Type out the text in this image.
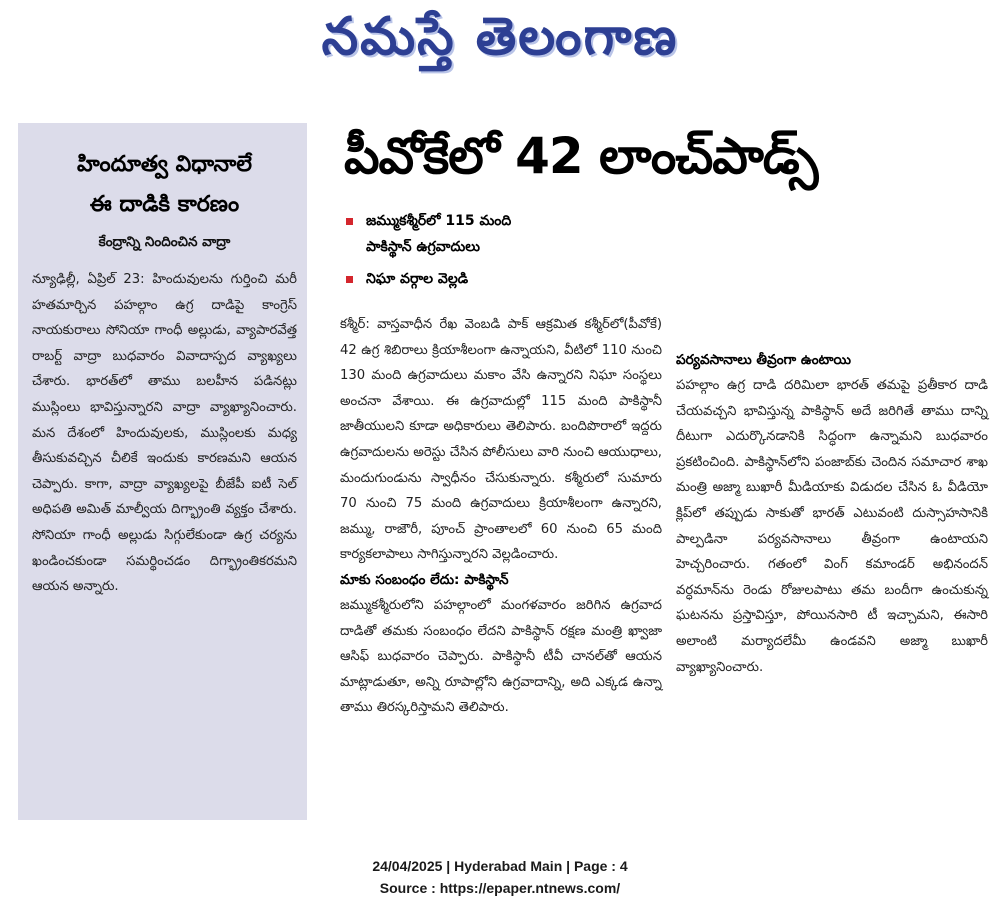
నమస్తే తెలంగాణ
హిందూత్వ విధానాలే
ఈ దాడికి కారణం
కేంద్రాన్ని నిందించిన వాద్రా
న్యూఢిల్లీ, ఏప్రిల్ 23: హిందువులను గుర్తించి మరీ హతమార్చిన పహల్గాం ఉగ్ర దాడిపై కాంగ్రెస్ నాయకురాలు సోనియా గాంధీ అల్లుడు, వ్యాపారవేత్త రాబర్ట్ వాద్రా బుధవారం వివాదాస్పద వ్యాఖ్యలు చేశారు. భారత్‌లో తాము బలహీన పడినట్లు ముస్లింలు భావిస్తున్నారని వాద్రా వ్యాఖ్యానించారు. మన దేశంలో హిందువులకు, ముస్లింలకు మధ్య తీసుకువచ్చిన చీలికే ఇందుకు కారణమని ఆయన చెప్పారు. కాగా, వాద్రా వ్యాఖ్యలపై బీజేపీ ఐటీ సెల్ అధిపతి అమిత్ మాల్వీయ దిగ్భ్రాంతి వ్యక్తం చేశారు. సోనియా గాంధీ అల్లుడు సిగ్గులేకుండా ఉగ్ర చర్యను ఖండించకుండా సమర్థించడం దిగ్భ్రాంతికరమని ఆయన అన్నారు.
పీవోకేలో 42 లాంచ్‌పాడ్స్
జమ్ముకశ్మీర్‌లో 115 మంది
పాకిస్థాన్ ఉగ్రవాదులు
నిఘా వర్గాల వెల్లడి
కశ్మీర్: వాస్తవాధీన రేఖ వెంబడి పాక్ ఆక్రమిత కశ్మీర్‌లో(పీవోకే) 42 ఉగ్ర శిబిరాలు క్రియాశీలంగా ఉన్నాయని, వీటిలో 110 నుంచి 130 మంది ఉగ్రవాదులు మకాం వేసి ఉన్నారని నిఘా సంస్థలు అంచనా వేశాయి. ఈ ఉగ్రవాదుల్లో 115 మంది పాకిస్థానీ జాతీయులని కూడా అధికారులు తెలిపారు. బందిపొరాలో ఇద్దరు ఉగ్రవాదులను అరెస్టు చేసిన పోలీసులు వారి నుంచి ఆయుధాలు, మందుగుండును స్వాధీనం చేసుకున్నారు. కశ్మీరులో సుమారు 70 నుంచి 75 మంది ఉగ్రవాదులు క్రియాశీలంగా ఉన్నారని, జమ్ము, రాజౌరీ, పూంచ్ ప్రాంతాలలో 60 నుంచి 65 మంది కార్యకలాపాలు సాగిస్తున్నారని వెల్లడించారు.
మాకు సంబంధం లేదు: పాకిస్థాన్
జమ్ముకశ్మీరులోని పహల్గాంలో మంగళవారం జరిగిన ఉగ్రవాద దాడితో తమకు సంబంధం లేదని పాకిస్థాన్ రక్షణ మంత్రి ఖ్వాజా ఆసిఫ్ బుధవారం చెప్పారు. పాకిస్థానీ టీవీ చానల్‌తో ఆయన మాట్లాడుతూ, అన్ని రూపాల్లోని ఉగ్రవాదాన్ని, అది ఎక్కడ ఉన్నా తాము తిరస్కరిస్తామని తెలిపారు.
పర్యవసానాలు తీవ్రంగా ఉంటాయి
పహల్గాం ఉగ్ర దాడి దరిమిలా భారత్ తమపై ప్రతీకార దాడి చేయవచ్చని భావిస్తున్న పాకిస్థాన్ అదే జరిగితే తాము దాన్ని దీటుగా ఎదుర్కొనడానికి సిద్ధంగా ఉన్నామని బుధవారం ప్రకటించింది. పాకిస్థాన్‌లోని పంజాబ్‌కు చెందిన సమాచార శాఖ మంత్రి అజ్మా బుఖారీ మీడియాకు విడుదల చేసిన ఓ వీడియో క్లిప్‌లో తప్పుడు సాకుతో భారత్ ఎటువంటి దుస్సాహసానికి పాల్పడినా పర్యవసానాలు తీవ్రంగా ఉంటాయని హెచ్చరించారు. గతంలో వింగ్ కమాండర్ అభినందన్ వర్ధమాన్‌ను రెండు రోజులపాటు తమ బందీగా ఉంచుకున్న ఘటనను ప్రస్తావిస్తూ, పోయినసారి టీ ఇచ్చామని, ఈసారి అలాంటి మర్యాదలేమీ ఉండవని అజ్మా బుఖారీ వ్యాఖ్యానించారు.
24/04/2025 | Hyderabad Main | Page : 4
Source : https://epaper.ntnews.com/
